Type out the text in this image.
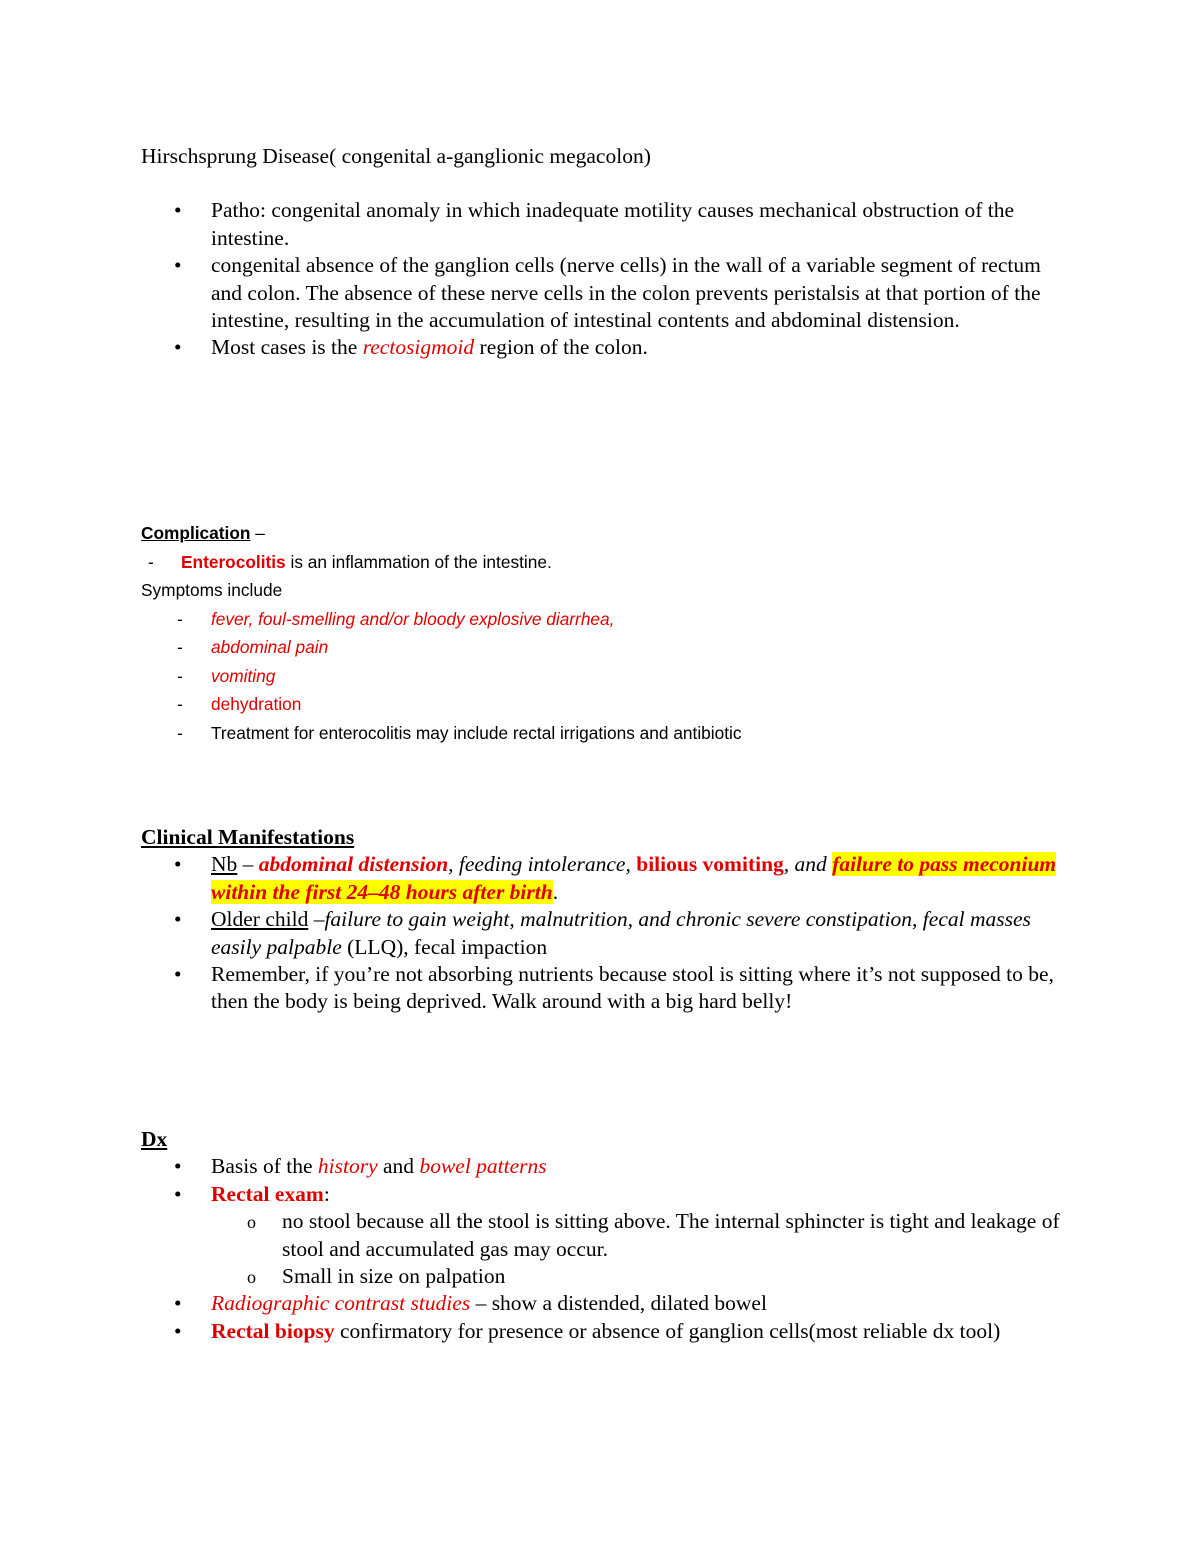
Hirschsprung Disease( congenital a-ganglionic megacolon)

• Patho: congenital anomaly in which inadequate motility causes mechanical obstruction of the intestine.
• congenital absence of the ganglion cells (nerve cells) in the wall of a variable segment of rectum and colon. The absence of these nerve cells in the colon prevents peristalsis at that portion of the intestine, resulting in the accumulation of intestinal contents and abdominal distension.
• Most cases is the rectosigmoid region of the colon.

Complication –

- Enterocolitis is an inflammation of the intestine.

Symptoms include

- fever, foul-smelling and/or bloody explosive diarrhea,
- abdominal pain
- vomiting
- dehydration
- Treatment for enterocolitis may include rectal irrigations and antibiotic

Clinical Manifestations

• Nb – abdominal distension, feeding intolerance, bilious vomiting, and failure to pass meconium within the first 24–48 hours after birth.
• Older child –failure to gain weight, malnutrition, and chronic severe constipation, fecal masses easily palpable (LLQ), fecal impaction
• Remember, if you’re not absorbing nutrients because stool is sitting where it’s not supposed to be, then the body is being deprived. Walk around with a big hard belly!

Dx

• Basis of the history and bowel patterns
• Rectal exam:
o no stool because all the stool is sitting above. The internal sphincter is tight and leakage of stool and accumulated gas may occur.
o Small in size on palpation
• Radiographic contrast studies – show a distended, dilated bowel
• Rectal biopsy confirmatory for presence or absence of ganglion cells(most reliable dx tool)
